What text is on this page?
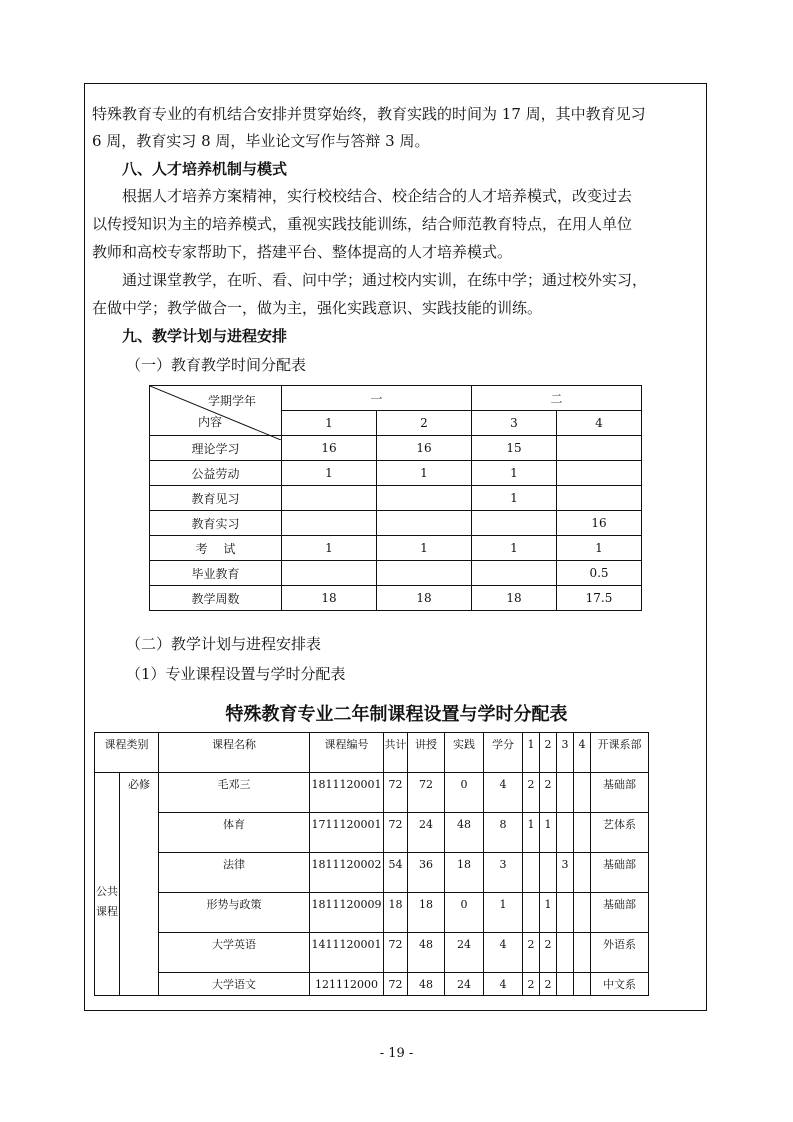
特殊教育专业的有机结合安排并贯穿始终，教育实践的时间为 17 周，其中教育见习
6 周，教育实习 8 周，毕业论文写作与答辩 3 周。
八、人才培养机制与模式
根据人才培养方案精神，实行校校结合、校企结合的人才培养模式，改变过去
以传授知识为主的培养模式，重视实践技能训练，结合师范教育特点，在用人单位
教师和高校专家帮助下，搭建平台、整体提高的人才培养模式。
通过课堂教学，在听、看、问中学；通过校内实训，在练中学；通过校外实习，
在做中学；教学做合一，做为主，强化实践意识、实践技能的训练。
九、教学计划与进程安排
（一）教育教学时间分配表
学期学年
内容	一		二	
	1	2	3	4
理论学习	16	16	15	
公益劳动	1	1	1	
教育见习			1	
教育实习				16
考　 试	1	1	1	1
毕业教育				0.5
教学周数	18	18	18	17.5
（二）教学计划与进程安排表
（1）专业课程设置与学时分配表
特殊教育专业二年制课程设置与学时分配表
课程类别		课程名称	课程编号	共计	讲授	实践	学分	1	2	3	4	开课系部
公共课程	必修	毛邓三	1811120001	72	72	0	4	2	2			基础部
		体育	1711120001	72	24	48	8	1	1			艺体系
		法律	1811120002	54	36	18	3			3		基础部
		形势与政策	1811120009	18	18	0	1		1			基础部
		大学英语	1411120001	72	48	24	4	2	2			外语系
		大学语文	121112000	72	48	24	4	2	2			中文系
- 19 -
